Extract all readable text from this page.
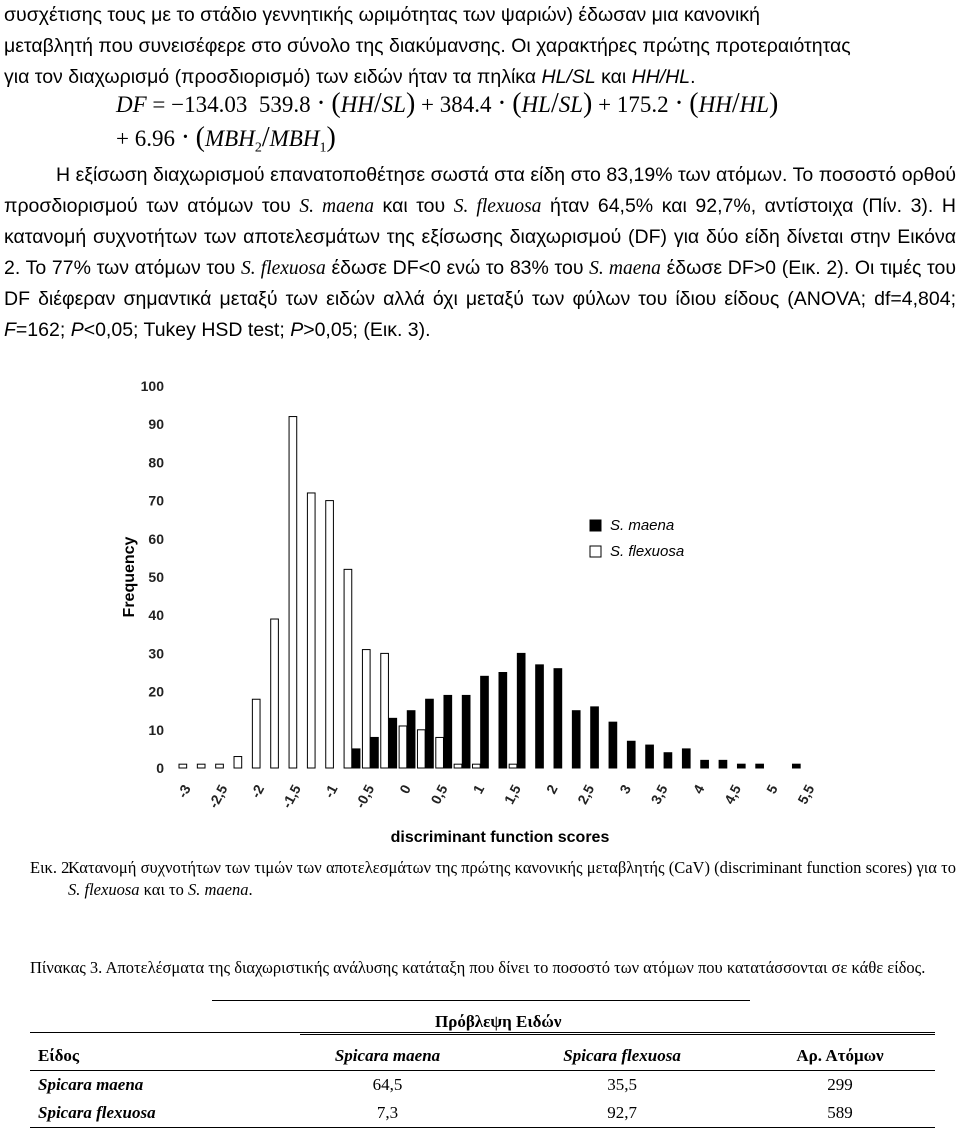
συσχέτισης τους με το στάδιο γεννητικής ωριμότητας των ψαριών) έδωσαν μια κανονική

μεταβλητή που συνεισέφερε στο σύνολο της διακύμανσης. Οι χαρακτήρες πρώτης προτεραιότητας

για τον διαχωρισμό (προσδιορισμό) των ειδών ήταν τα πηλίκα HL/SL και HH/HL.

DF = −134.03 539.8 · (HH/SL) + 384.4 · (HL/SL) + 175.2 · (HH/HL)
+ $6.96 \cdot (MBH_2/MBH_1)$

Η εξίσωση διαχωρισμού επανατοποθέτησε σωστά στα είδη στο 83,19% των ατόμων. Το ποσοστό ορθού προσδιορισμού των ατόμων του S. maena και του S. flexuosa ήταν 64,5% και 92,7%, αντίστοιχα (Πίν. 3). Η κατανομή συχνοτήτων των αποτελεσμάτων της εξίσωσης διαχωρισμού (DF) για δύο είδη δίνεται στην Εικόνα 2. Το 77% των ατόμων του S. flexuosa έδωσε DF<0 ενώ το 83% του S. maena έδωσε DF>0 (Εικ. 2). Οι τιμές του DF διέφεραν σημαντικά μεταξύ των ειδών αλλά όχι μεταξύ των φύλων του ίδιου είδους (ANOVA; df=4,804; F=162; P<0,05; Tukey HSD test; P>0,05; (Εικ. 3).

0
10
20
30
40
50
60
70
80
90
100
Frequency
-3 -2,5 -2 -1,5 -1 -0,5 0 0,5 1 1,5 2 2,5 3 3,5 4 4,5 5 5,5
discriminant function scores
S. maena
S. flexuosa
Εικ. 2.
Κατανομή συχνοτήτων των τιμών των αποτελεσμάτων της πρώτης κανονικής μεταβλητής (CaV) (discriminant function scores) για το S. flexuosa και το S. maena.
Πίνακας 3. Αποτελέσματα της διαχωριστικής ανάλυσης κατάταξη που δίνει το ποσοστό των ατόμων που κατατάσσονται σε κάθε είδος.
Πρόβλεψη Ειδών
Είδος	Spicara maena	Spicara flexuosa	Αρ. Ατόμων
Spicara maena	64,5	35,5	299
Spicara flexuosa	7,3	92,7	589
